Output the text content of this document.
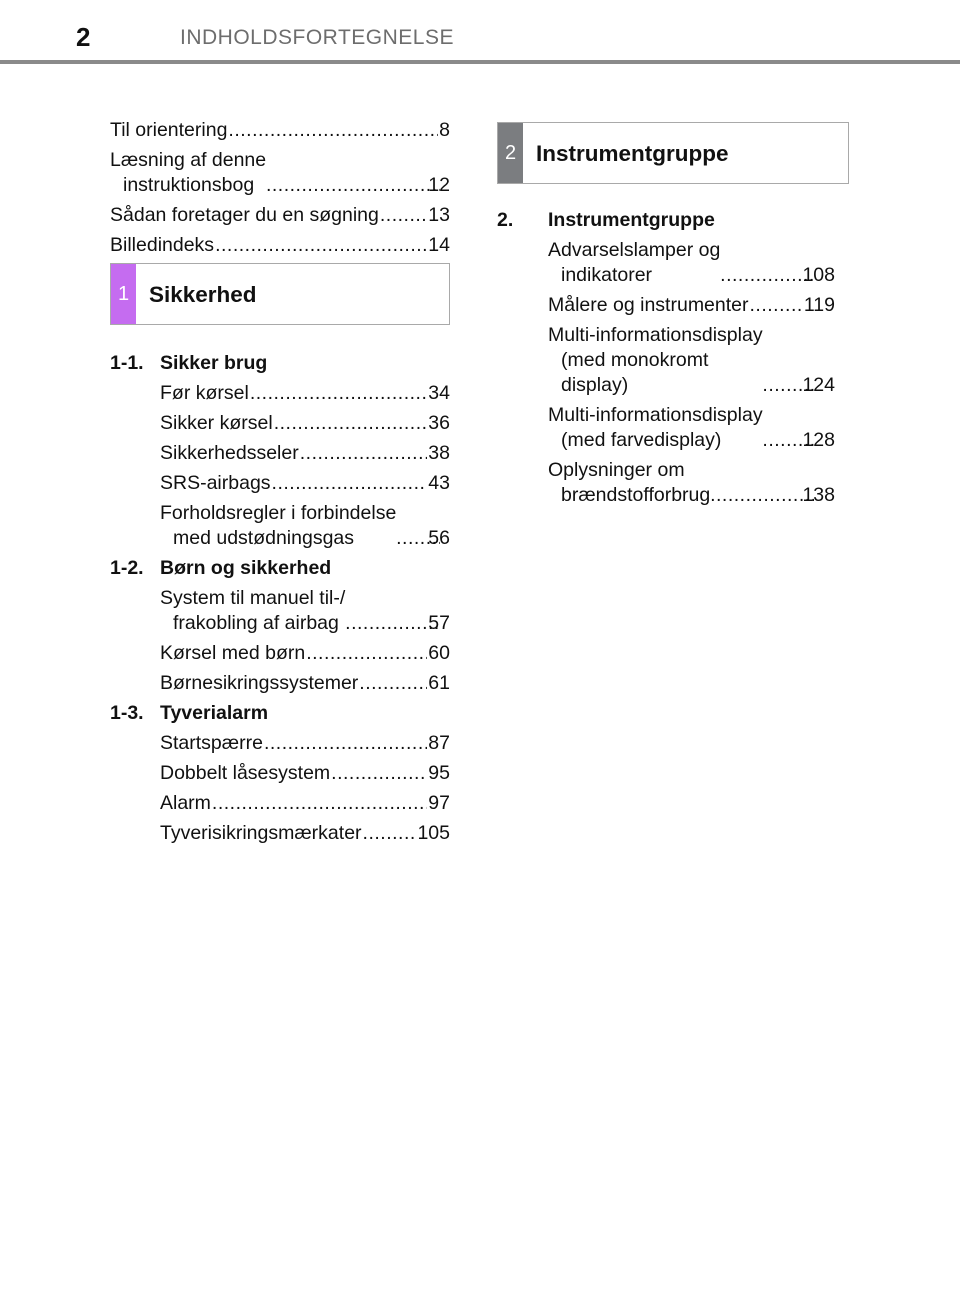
2	INDHOLDSFORTEGNELSE
Til orientering .....	8
Læsning af denne
instruktionsbog .....	12
Sådan foretager du en søgning .....	13
Billedindeks .....	14
1 Sikkerhed
1-1. Sikker brug
Før kørsel .....	34
Sikker kørsel .....	36
Sikkerhedsseler .....	38
SRS-airbags .....	43
Forholdsregler i forbindelse
med udstødningsgas .....	56
1-2. Børn og sikkerhed
System til manuel til-/
frakobling af airbag .....	57
Kørsel med børn .....	60
Børnesikringssystemer .....	61
1-3. Tyverialarm
Startspærre .....	87
Dobbelt låsesystem .....	95
Alarm .....	97
Tyverisikringsmærkater .....	105
2 Instrumentgruppe
2.	Instrumentgruppe
Advarselslamper og
indikatorer .....	108
Målere og instrumenter .....	119
Multi-informationsdisplay
(med monokromt
display) .....	124
Multi-informationsdisplay
(med farvedisplay) .....	128
Oplysninger om
brændstofforbrug .....	138
